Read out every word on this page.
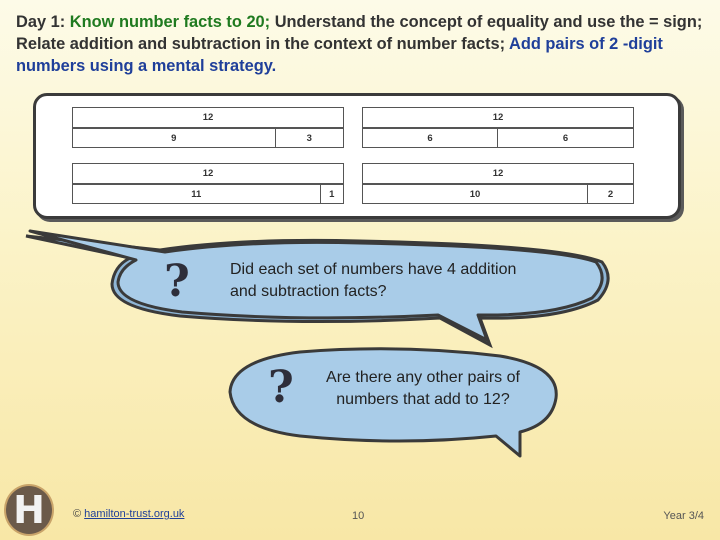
Day 1: Know number facts to 20; Understand the concept of equality and use the = sign; Relate addition and subtraction in the context of number facts; Add pairs of 2 -digit numbers using a mental strategy.
12
9	3
12
6	6
12
11	1
12
10	2
?	Did each set of numbers have 4 addition and subtraction facts?
?	Are there any other pairs of numbers that add to 12?
H	© hamilton-trust.org.uk	10	Year 3/4
